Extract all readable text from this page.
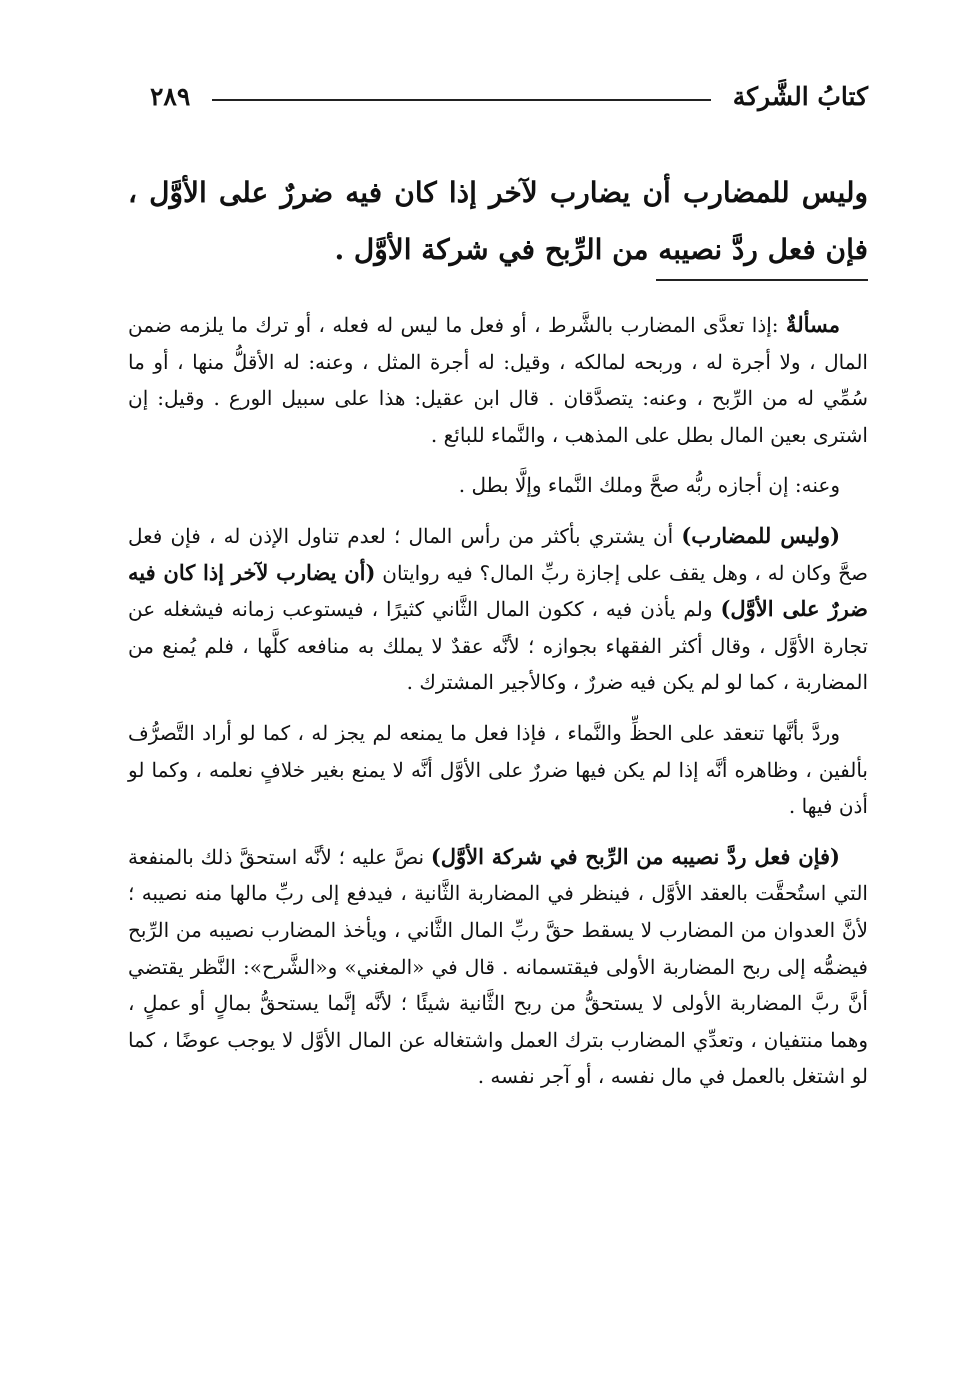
كتابُ الشَّركة
٢٨٩

وليس للمضارب أن يضارب لآخر إذا كان فيه ضررٌ على الأوَّل ، فإن فعل ردَّ نصيبه من الرِّبح في شركة الأوَّل .

مسألةٌ :إذا تعدَّى المضارب بالشَّرط ، أو فعل ما ليس له فعله ، أو ترك ما يلزمه ضمن المال ، ولا أجرة له ، وربحه لمالكه ، وقيل: له أجرة المثل ، وعنه: له الأقلُّ منها ، أو ما سُمِّي له من الرِّبح ، وعنه: يتصدَّقان . قال ابن عقيل: هذا على سبيل الورع . وقيل: إن اشترى بعين المال بطل على المذهب ، والنَّماء للبائع .

وعنه: إن أجازه ربُّه صحَّ وملك النَّماء وإلَّا بطل .

(وليس للمضارب) أن يشتري بأكثر من رأس المال ؛ لعدم تناول الإذن له ، فإن فعل صحَّ وكان له ، وهل يقف على إجازة ربِّ المال؟ فيه روايتان (أن يضارب لآخر إذا كان فيه ضررٌ على الأوَّل) ولم يأذن فيه ، ككون المال الثَّاني كثيرًا ، فيستوعب زمانه فيشغله عن تجارة الأوَّل ، وقال أكثر الفقهاء بجوازه ؛ لأنَّه عقدٌ لا يملك به منافعه كلَّها ، فلم يُمنع من المضاربة ، كما لو لم يكن فيه ضررٌ ، وكالأجير المشترك .

وردَّ بأنَّها تنعقد على الحظِّ والنَّماء ، فإذا فعل ما يمنعه لم يجز له ، كما لو أراد التَّصرُّف بألفين ، وظاهره أنَّه إذا لم يكن فيها ضررٌ على الأوَّل أنَّه لا يمنع بغير خلافٍ نعلمه ، وكما لو أذن فيها .

(فإن فعل ردَّ نصيبه من الرِّبح في شركة الأوَّل) نصَّ عليه ؛ لأنَّه استحقَّ ذلك بالمنفعة التي استُحقَّت بالعقد الأوَّل ، فينظر في المضاربة الثَّانية ، فيدفع إلى ربِّ مالها منه نصيبه ؛ لأنَّ العدوان من المضارب لا يسقط حقَّ ربِّ المال الثَّاني ، ويأخذ المضارب نصيبه من الرِّبح فيضمُّه إلى ربح المضاربة الأولى فيقتسمانه . قال في «المغني» و«الشَّرح»: النَّظر يقتضي أنَّ ربَّ المضاربة الأولى لا يستحقُّ من ربح الثَّانية شيئًا ؛ لأنَّه إنَّما يستحقُّ بمالٍ أو عملٍ ، وهما منتفيان ، وتعدِّي المضارب بترك العمل واشتغاله عن المال الأوَّل لا يوجب عوضًا ، كما لو اشتغل بالعمل في مال نفسه ، أو آجر نفسه .
